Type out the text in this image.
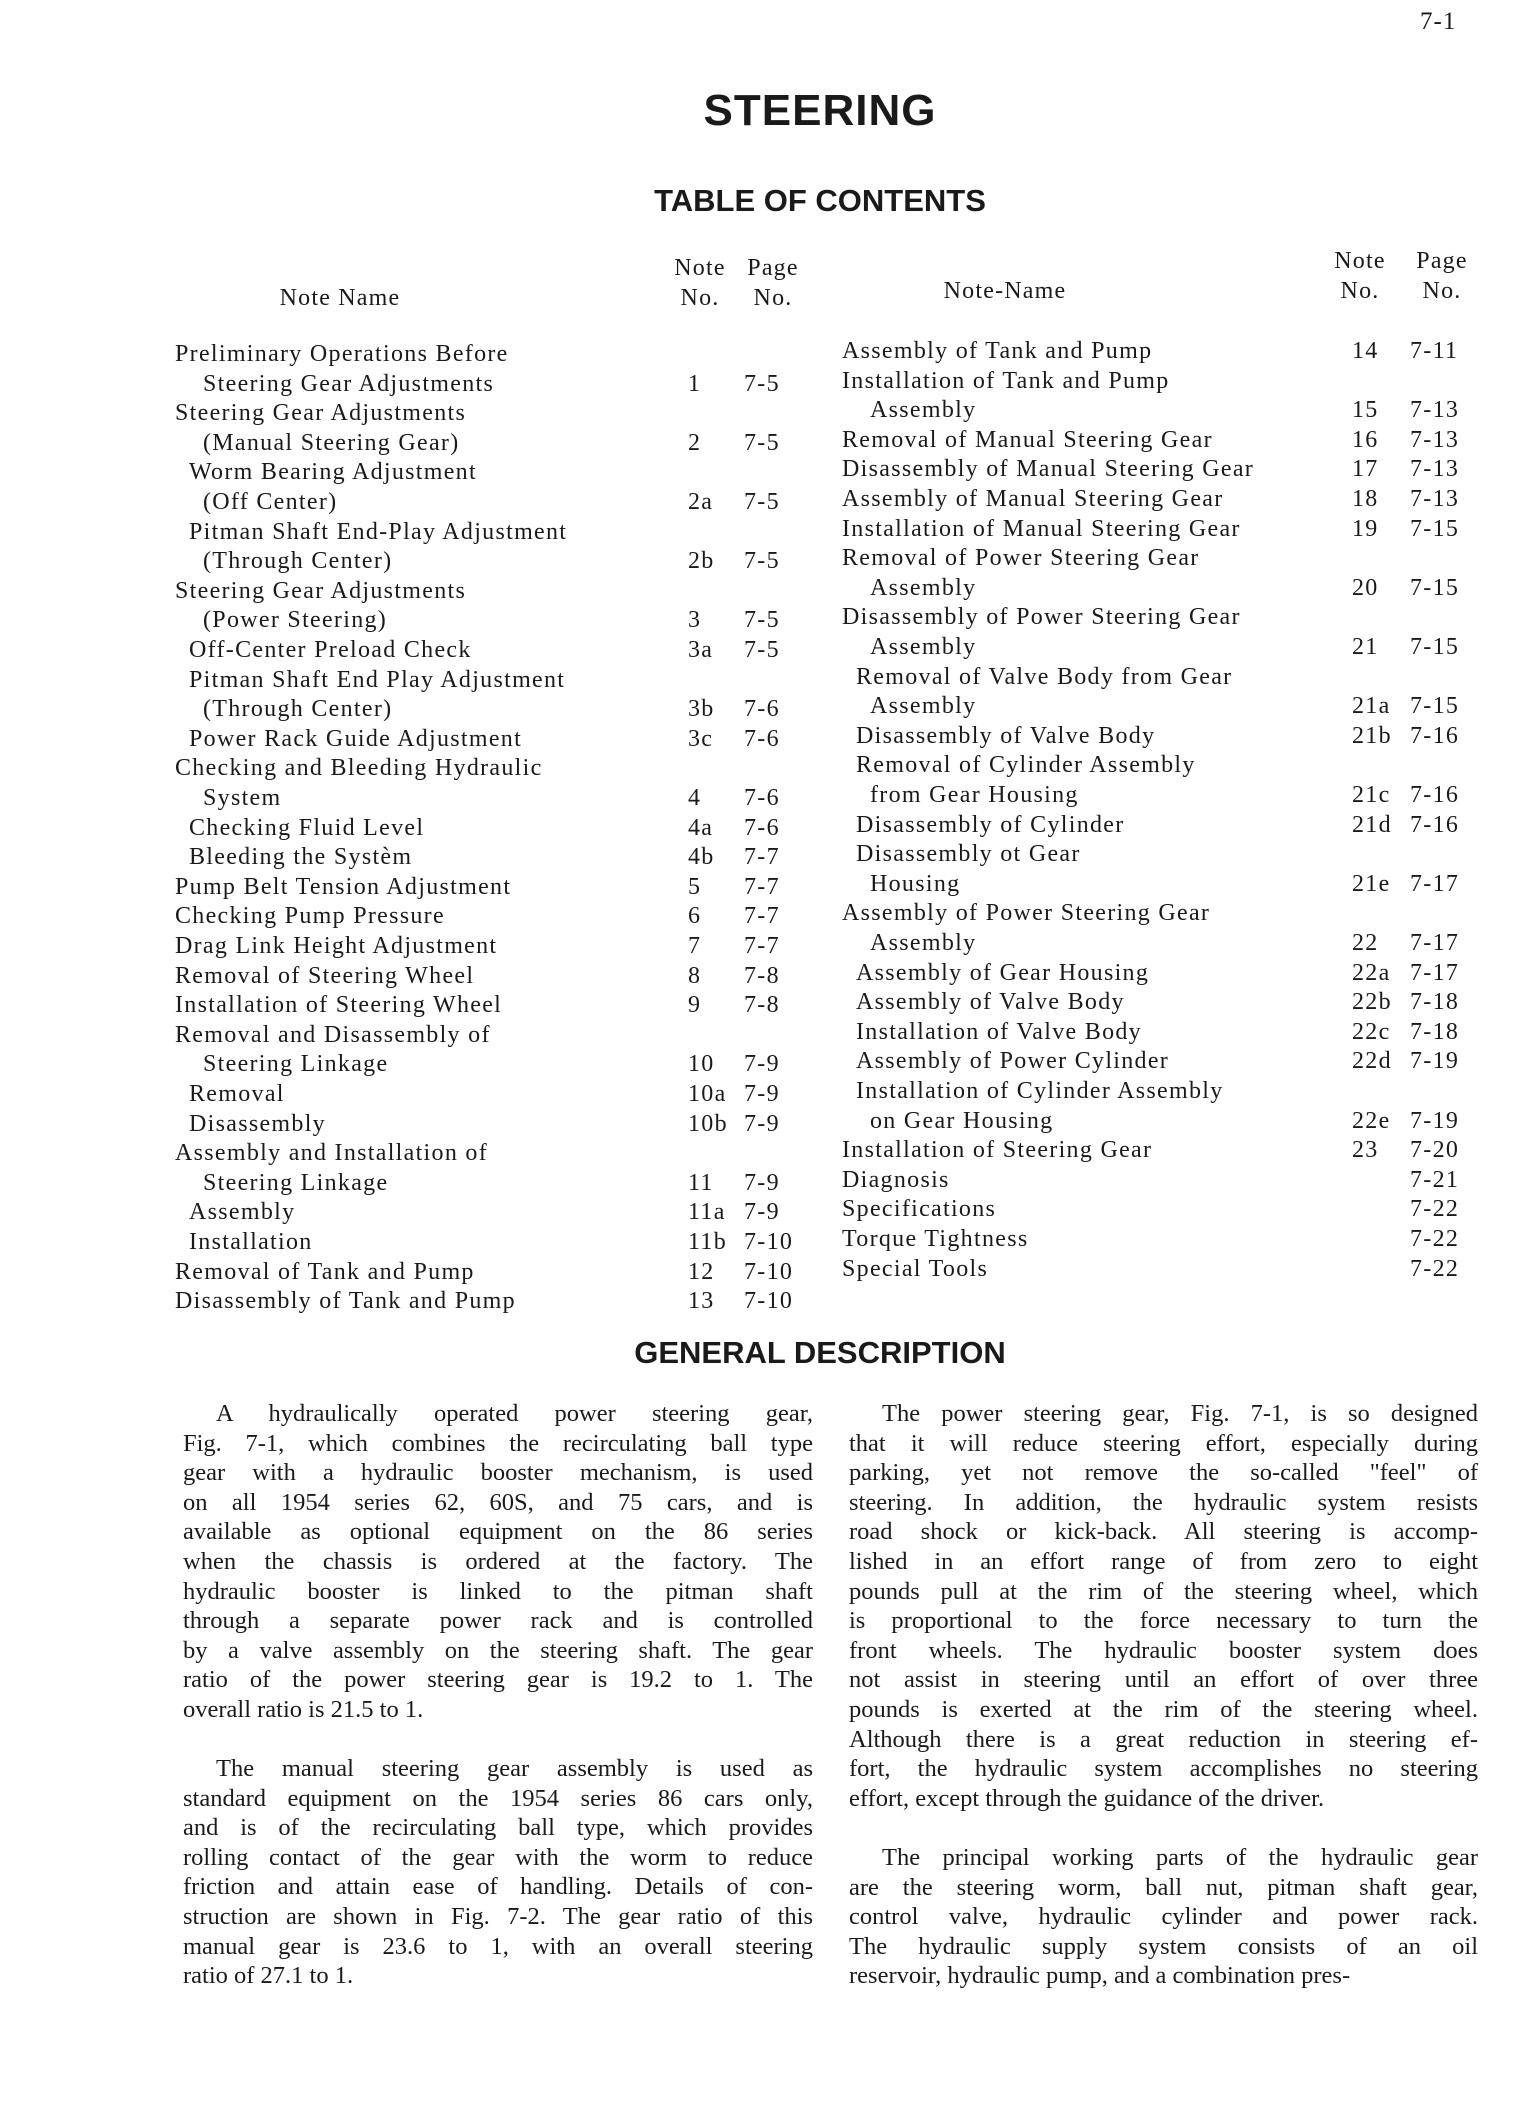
7-1
STEERING
TABLE OF CONTENTS
Note Name
Note
No.
Page
No.	Note-Name
Note
No.
Page
No.
Preliminary Operations Before
Steering Gear Adjustments	1 7-5
Steering Gear Adjustments
(Manual Steering Gear)	2 7-5
Worm Bearing Adjustment
(Off Center)	2a 7-5
Pitman Shaft End-Play Adjustment
(Through Center)	2b 7-5
Steering Gear Adjustments
(Power Steering)	3 7-5
Off-Center Preload Check	3a 7-5
Pitman Shaft End Play Adjustment
(Through Center)	3b 7-6
Power Rack Guide Adjustment	3c 7-6
Checking and Bleeding Hydraulic
System	4 7-6
Checking Fluid Level	4a 7-6
Bleeding the Systèm	4b 7-7
Pump Belt Tension Adjustment	5 7-7
Checking Pump Pressure	6 7-7
Drag Link Height Adjustment	7 7-7
Removal of Steering Wheel	8 7-8
Installation of Steering Wheel	9 7-8
Removal and Disassembly of
Steering Linkage	10 7-9
Removal	10a 7-9
Disassembly	10b 7-9
Assembly and Installation of
Steering Linkage	11 7-9
Assembly	11a 7-9
Installation	11b 7-10
Removal of Tank and Pump	12 7-10
Disassembly of Tank and Pump	13 7-10
Assembly of Tank and Pump	14 7-11
Installation of Tank and Pump
Assembly	15 7-13
Removal of Manual Steering Gear	16 7-13
Disassembly of Manual Steering Gear	17 7-13
Assembly of Manual Steering Gear	18 7-13
Installation of Manual Steering Gear	19 7-15
Removal of Power Steering Gear
Assembly	20 7-15
Disassembly of Power Steering Gear
Assembly	21 7-15
Removal of Valve Body from Gear
Assembly	21a 7-15
Disassembly of Valve Body	21b 7-16
Removal of Cylinder Assembly
from Gear Housing	21c 7-16
Disassembly of Cylinder	21d 7-16
Disassembly ot Gear
Housing	21e 7-17
Assembly of Power Steering Gear
Assembly	22 7-17
Assembly of Gear Housing	22a 7-17
Assembly of Valve Body	22b 7-18
Installation of Valve Body	22c 7-18
Assembly of Power Cylinder	22d 7-19
Installation of Cylinder Assembly
on Gear Housing	22e 7-19
Installation of Steering Gear	23 7-20
Diagnosis	7-21
Specifications	7-22
Torque Tightness	7-22
Special Tools	7-22
GENERAL DESCRIPTION
A hydraulically operated power steering gear,
Fig. 7-1, which combines the recirculating ball type
gear with a hydraulic booster mechanism, is used
on all 1954 series 62, 60S, and 75 cars, and is
available as optional equipment on the 86 series
when the chassis is ordered at the factory. The
hydraulic booster is linked to the pitman shaft
through a separate power rack and is controlled
by a valve assembly on the steering shaft. The gear
ratio of the power steering gear is 19.2 to 1. The
overall ratio is 21.5 to 1.
The manual steering gear assembly is used as
standard equipment on the 1954 series 86 cars only,
and is of the recirculating ball type, which provides
rolling contact of the gear with the worm to reduce
friction and attain ease of handling. Details of con-
struction are shown in Fig. 7-2. The gear ratio of this
manual gear is 23.6 to 1, with an overall steering
ratio of 27.1 to 1.
The power steering gear, Fig. 7-1, is so designed
that it will reduce steering effort, especially during
parking, yet not remove the so-called "feel" of
steering. In addition, the hydraulic system resists
road shock or kick-back. All steering is accomp-
lished in an effort range of from zero to eight
pounds pull at the rim of the steering wheel, which
is proportional to the force necessary to turn the
front wheels. The hydraulic booster system does
not assist in steering until an effort of over three
pounds is exerted at the rim of the steering wheel.
Although there is a great reduction in steering ef-
fort, the hydraulic system accomplishes no steering
effort, except through the guidance of the driver.
The principal working parts of the hydraulic gear
are the steering worm, ball nut, pitman shaft gear,
control valve, hydraulic cylinder and power rack.
The hydraulic supply system consists of an oil
reservoir, hydraulic pump, and a combination pres-
